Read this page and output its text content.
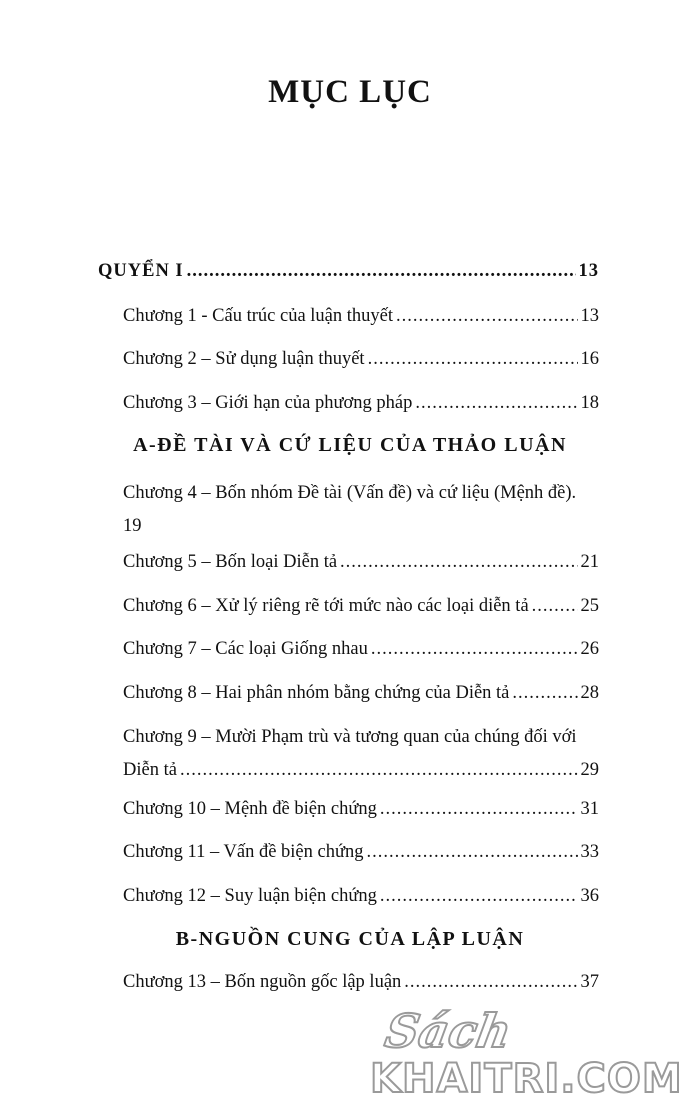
MỤC LỤC
QUYỂN I .....	13
Chương 1 - Cấu trúc của luận thuyết .....	13
Chương 2 – Sử dụng luận thuyết .....	16
Chương 3 – Giới hạn của phương pháp .....	18
A-ĐỀ TÀI VÀ CỨ LIỆU CỦA THẢO LUẬN
Chương 4 – Bốn nhóm Đề tài (Vấn đề) và cứ liệu (Mệnh đề).
19
Chương 5 – Bốn loại Diễn tả .....	21
Chương 6 – Xử lý riêng rẽ tới mức nào các loại diễn tả .....	25
Chương 7 – Các loại Giống nhau .....	26
Chương 8 – Hai phân nhóm bằng chứng của Diễn tả .....	28
Chương 9 – Mười Phạm trù và tương quan của chúng đối với
Diễn tả .....	29
Chương 10 – Mệnh đề biện chứng .....	31
Chương 11 – Vấn đề biện chứng .....	33
Chương 12 – Suy luận biện chứng .....	36
B-NGUỒN CUNG CỦA LẬP LUẬN
Chương 13 – Bốn nguồn gốc lập luận .....	37
Sách
KHAITRI.COM
